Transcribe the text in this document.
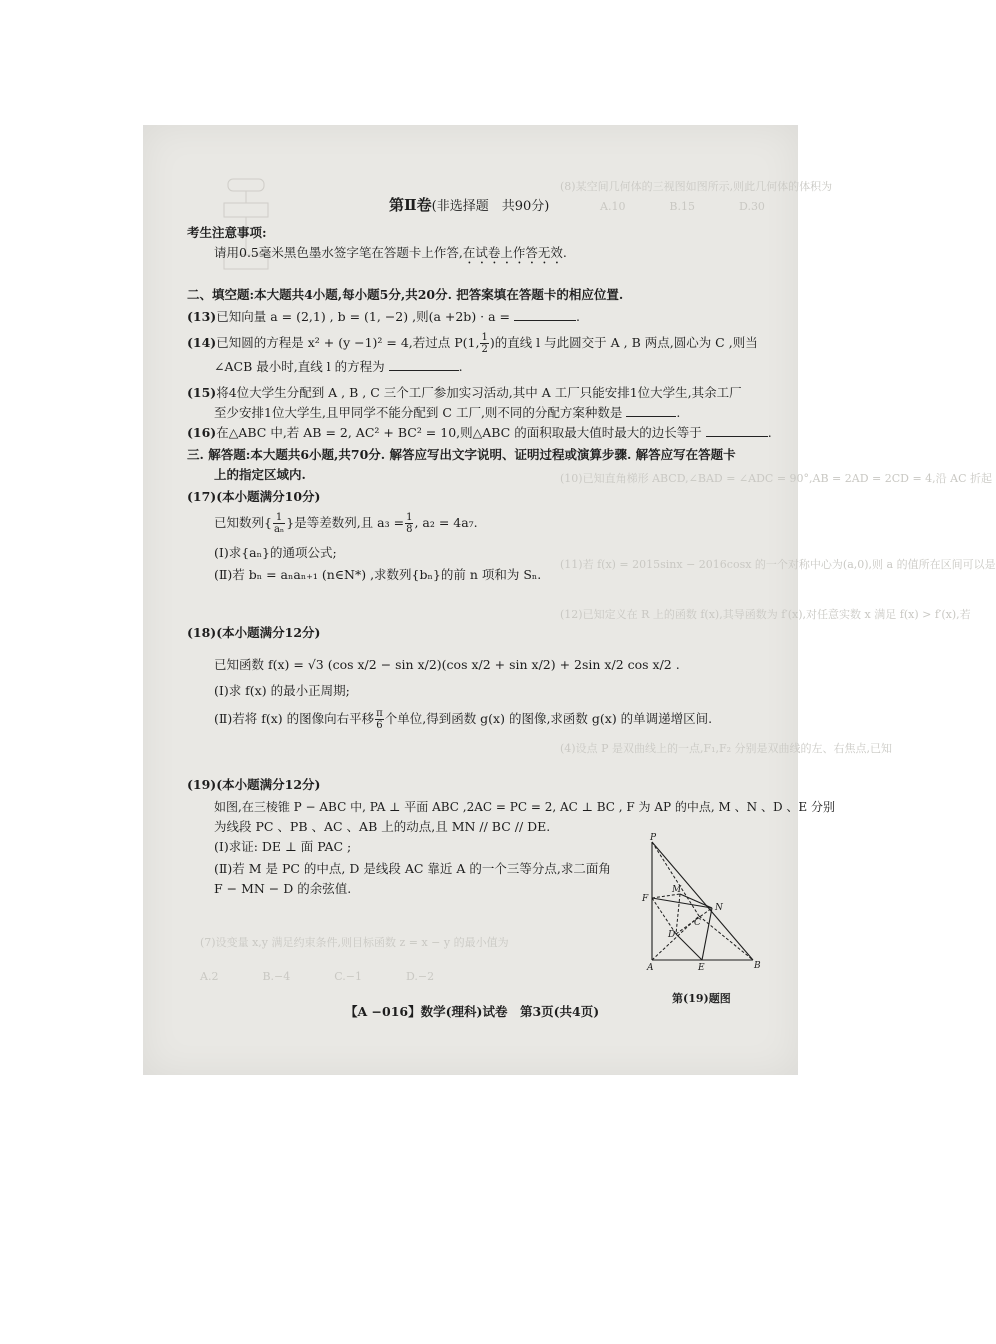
(8)某空间几何体的三视图如图所示,则此几何体的体积为
A.10　　　　B.15　　　　D.30
(10)已知直角梯形 ABCD,∠BAD = ∠ADC = 90°,AB = 2AD = 2CD = 4,沿 AC 折起
(11)若 f(x) = 2015sinx − 2016cosx 的一个对称中心为(a,0),则 a 的值所在区间可以是
(12)已知定义在 R 上的函数 f(x),其导函数为 f′(x),对任意实数 x 满足 f(x) > f′(x),若
(4)设点 P 是双曲线上的一点,F₁,F₂ 分别是双曲线的左、右焦点,已知
(7)设变量 x,y 满足约束条件,则目标函数 z = x − y 的最小值为
A.2　　　　B.−4　　　　C.−1　　　　D.−2
第Ⅱ卷(非选择题　共90分)
考生注意事项:
请用0.5毫米黑色墨水签字笔在答题卡上作答,在试卷上作答无效.
二、填空题:本大题共4小题,每小题5分,共20分. 把答案填在答题卡的相应位置.
(13)已知向量 a = (2,1) , b = (1, −2) ,则(a +2b) · a =	.
(14)已知圆的方程是 x² + (y −1)² = 4,若过点 P(1, $\frac{1}{2}$ )的直线 l 与此圆交于 A , B 两点,圆心为 C ,则当
∠ACB 最小时,直线 l 的方程为	.
(15)将4位大学生分配到 A , B , C 三个工厂参加实习活动,其中 A 工厂只能安排1位大学生,其余工厂
至少安排1位大学生,且甲同学不能分配到 C 工厂,则不同的分配方案种数是	.
(16)在△ABC 中,若 AB = 2, AC² + BC² = 10,则△ABC 的面积取最大值时最大的边长等于	.
三. 解答题:本大题共6小题,共70分. 解答应写出文字说明、证明过程或演算步骤. 解答应写在答题卡
上的指定区域内.
(17)(本小题满分10分)
已知数列{ $\frac{1}{\text{aₙ}}$ }是等差数列,且 $a_3 = \frac{1}{8}$ , a₂ = 4a₇.
(Ⅰ)求{aₙ}的通项公式;
(Ⅱ)若 bₙ = aₙaₙ₊₁ (n∈N*) ,求数列{bₙ}的前 n 项和为 Sₙ.
(18)(本小题满分12分)
已知函数 f(x) = √3 (cos x/2 − sin x/2)(cos x/2 + sin x/2) + 2sin x/2 cos x/2 .
(Ⅰ)求 f(x) 的最小正周期;
(Ⅱ)若将 f(x) 的图像向右平移 $\frac{\pi}{6}$ 个单位,得到函数 g(x) 的图像,求函数 g(x) 的单调递增区间.
(19)(本小题满分12分)
如图,在三棱锥 P − ABC 中, PA ⊥ 平面 ABC ,2AC = PC = 2, AC ⊥ BC , F 为 AP 的中点, M 、N 、D 、E 分别
为线段 PC 、PB 、AC 、AB 上的动点,且 MN // BC // DE.
(Ⅰ)求证: DE ⊥ 面 PAC ;
(Ⅱ)若 M 是 PC 的中点, D 是线段 AC 靠近 A 的一个三等分点,求二面角
F − MN − D 的余弦值.
P
F
M
N
C
D
A	E	B
第(19)题图
【A −016】数学(理科)试卷　第3页(共4页)
